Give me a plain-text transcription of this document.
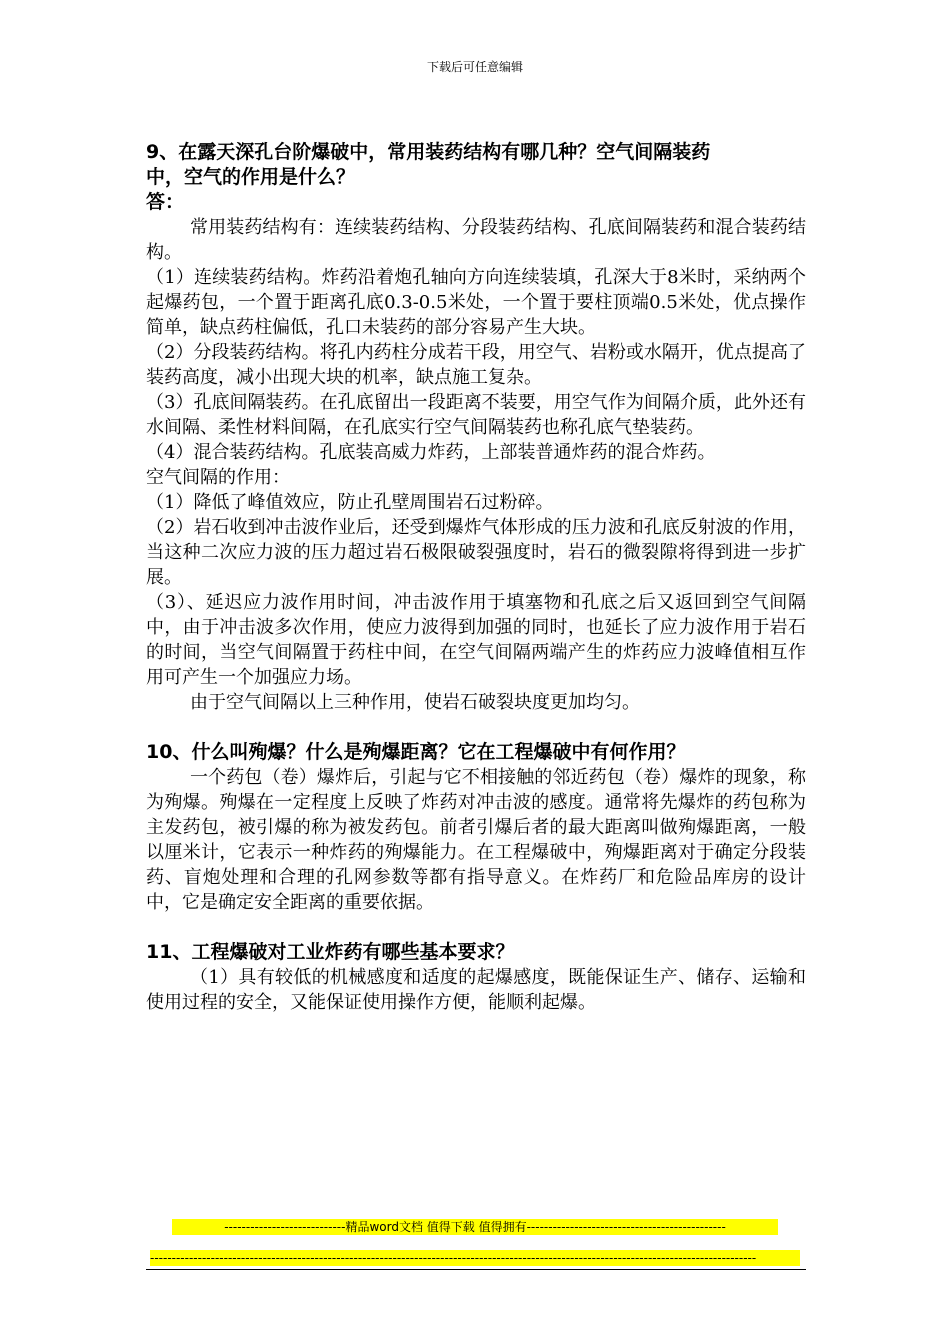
下载后可任意编辑

9、在露天深孔台阶爆破中，常用装药结构有哪几种？空气间隔装药

中，空气的作用是什么？

答：

常用装药结构有：连续装药结构、分段装药结构、孔底间隔装药和混合装药结构。

（1）连续装药结构。炸药沿着炮孔轴向方向连续装填，孔深大于8米时，采纳两个起爆药包，一个置于距离孔底0.3-0.5米处，一个置于要柱顶端0.5米处，优点操作简单，缺点药柱偏低，孔口未装药的部分容易产生大块。

（2）分段装药结构。将孔内药柱分成若干段，用空气、岩粉或水隔开，优点提高了装药高度，减小出现大块的机率，缺点施工复杂。

（3）孔底间隔装药。在孔底留出一段距离不装要，用空气作为间隔介质，此外还有水间隔、柔性材料间隔，在孔底实行空气间隔装药也称孔底气垫装药。

（4）混合装药结构。孔底装高威力炸药，上部装普通炸药的混合炸药。

空气间隔的作用：

（1）降低了峰值效应，防止孔壁周围岩石过粉碎。

（2）岩石收到冲击波作业后，还受到爆炸气体形成的压力波和孔底反射波的作用，当这种二次应力波的压力超过岩石极限破裂强度时，岩石的微裂隙将得到进一步扩展。

（3）、延迟应力波作用时间，冲击波作用于填塞物和孔底之后又返回到空气间隔中，由于冲击波多次作用，使应力波得到加强的同时，也延长了应力波作用于岩石的时间，当空气间隔置于药柱中间，在空气间隔两端产生的炸药应力波峰值相互作用可产生一个加强应力场。

由于空气间隔以上三种作用，使岩石破裂块度更加均匀。

10、什么叫殉爆？什么是殉爆距离？它在工程爆破中有何作用？

一个药包（卷）爆炸后，引起与它不相接触的邻近药包（卷）爆炸的现象，称为殉爆。殉爆在一定程度上反映了炸药对冲击波的感度。通常将先爆炸的药包称为主发药包，被引爆的称为被发药包。前者引爆后者的最大距离叫做殉爆距离，一般以厘米计，它表示一种炸药的殉爆能力。在工程爆破中，殉爆距离对于确定分段装药、盲炮处理和合理的孔网参数等都有指导意义。在炸药厂和危险品库房的设计中，它是确定安全距离的重要依据。

11、工程爆破对工业炸药有哪些基本要求？

（1）具有较低的机械感度和适度的起爆感度，既能保证生产、储存、运输和使用过程的安全，又能保证使用操作方便，能顺利起爆。

----------------------------精品word文档 值得下载 值得拥有----------------------------------------------
--------------------------------------------------------------------------------------------------------------------------------------------
